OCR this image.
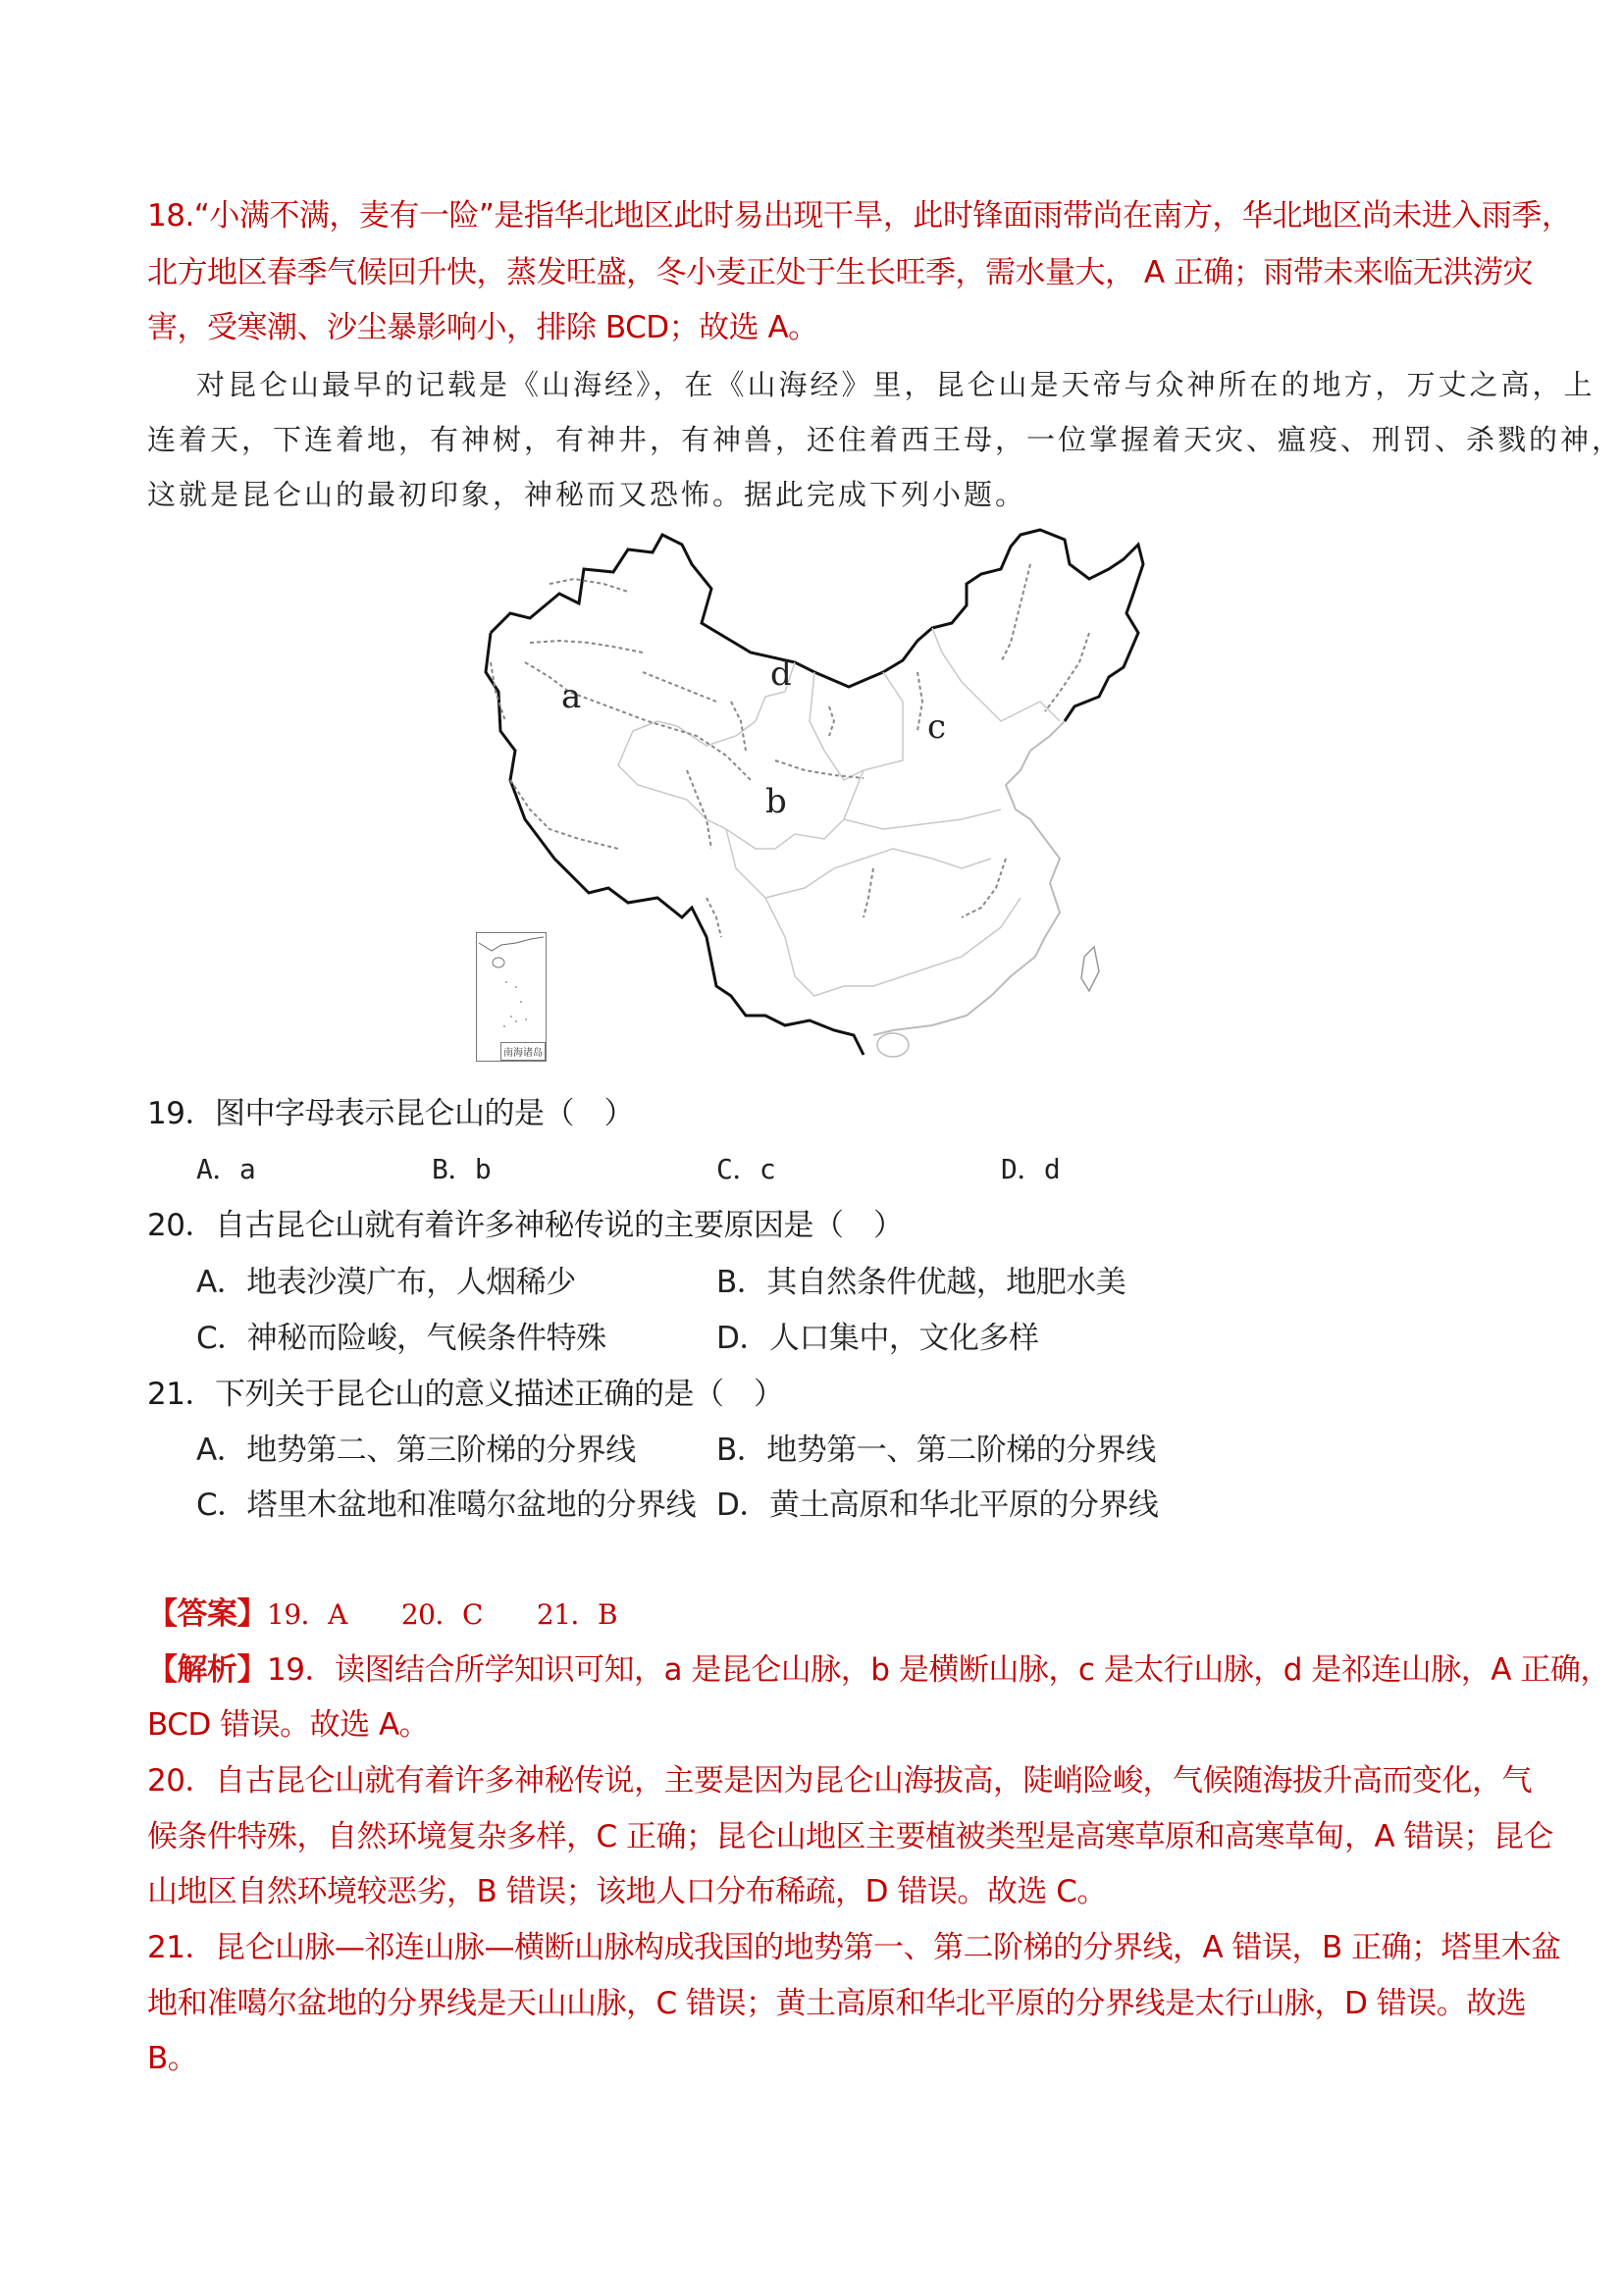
18.“小满不满，麦有一险”是指华北地区此时易出现干旱，此时锋面雨带尚在南方，华北地区尚未进入雨季，
北方地区春季气候回升快，蒸发旺盛，冬小麦正处于生长旺季，需水量大， A 正确；雨带未来临无洪涝灾
害，受寒潮、沙尘暴影响小，排除 BCD；故选 A。
对昆仑山最早的记载是《山海经》，在《山海经》里，昆仑山是天帝与众神所在的地方，万丈之高，上
连着天，下连着地，有神树，有神井，有神兽，还住着西王母，一位掌握着天灾、瘟疫、刑罚、杀戮的神，
这就是昆仑山的最初印象，神秘而又恐怖。据此完成下列小题。
a
b
c
d
南海诸岛
19．图中字母表示昆仑山的是（　）
A．a	B．b	C．c	D．d
20．自古昆仑山就有着许多神秘传说的主要原因是（　）
A．地表沙漠广布，人烟稀少	B．其自然条件优越，地肥水美
C．神秘而险峻，气候条件特殊	D．人口集中，文化多样
21．下列关于昆仑山的意义描述正确的是（　）
A．地势第二、第三阶梯的分界线	B．地势第一、第二阶梯的分界线
C．塔里木盆地和准噶尔盆地的分界线 D．黄土高原和华北平原的分界线
【答案】19．A　　20．C　　21．B
【解析】19．读图结合所学知识可知，a 是昆仑山脉，b 是横断山脉，c 是太行山脉，d 是祁连山脉，A 正确，
BCD 错误。故选 A。
20．自古昆仑山就有着许多神秘传说，主要是因为昆仑山海拔高，陡峭险峻，气候随海拔升高而变化，气
候条件特殊，自然环境复杂多样，C 正确；昆仑山地区主要植被类型是高寒草原和高寒草甸，A 错误；昆仑
山地区自然环境较恶劣，B 错误；该地人口分布稀疏，D 错误。故选 C。
21．昆仑山脉—祁连山脉—横断山脉构成我国的地势第一、第二阶梯的分界线，A 错误，B 正确；塔里木盆
地和准噶尔盆地的分界线是天山山脉，C 错误；黄土高原和华北平原的分界线是太行山脉，D 错误。故选
B。
